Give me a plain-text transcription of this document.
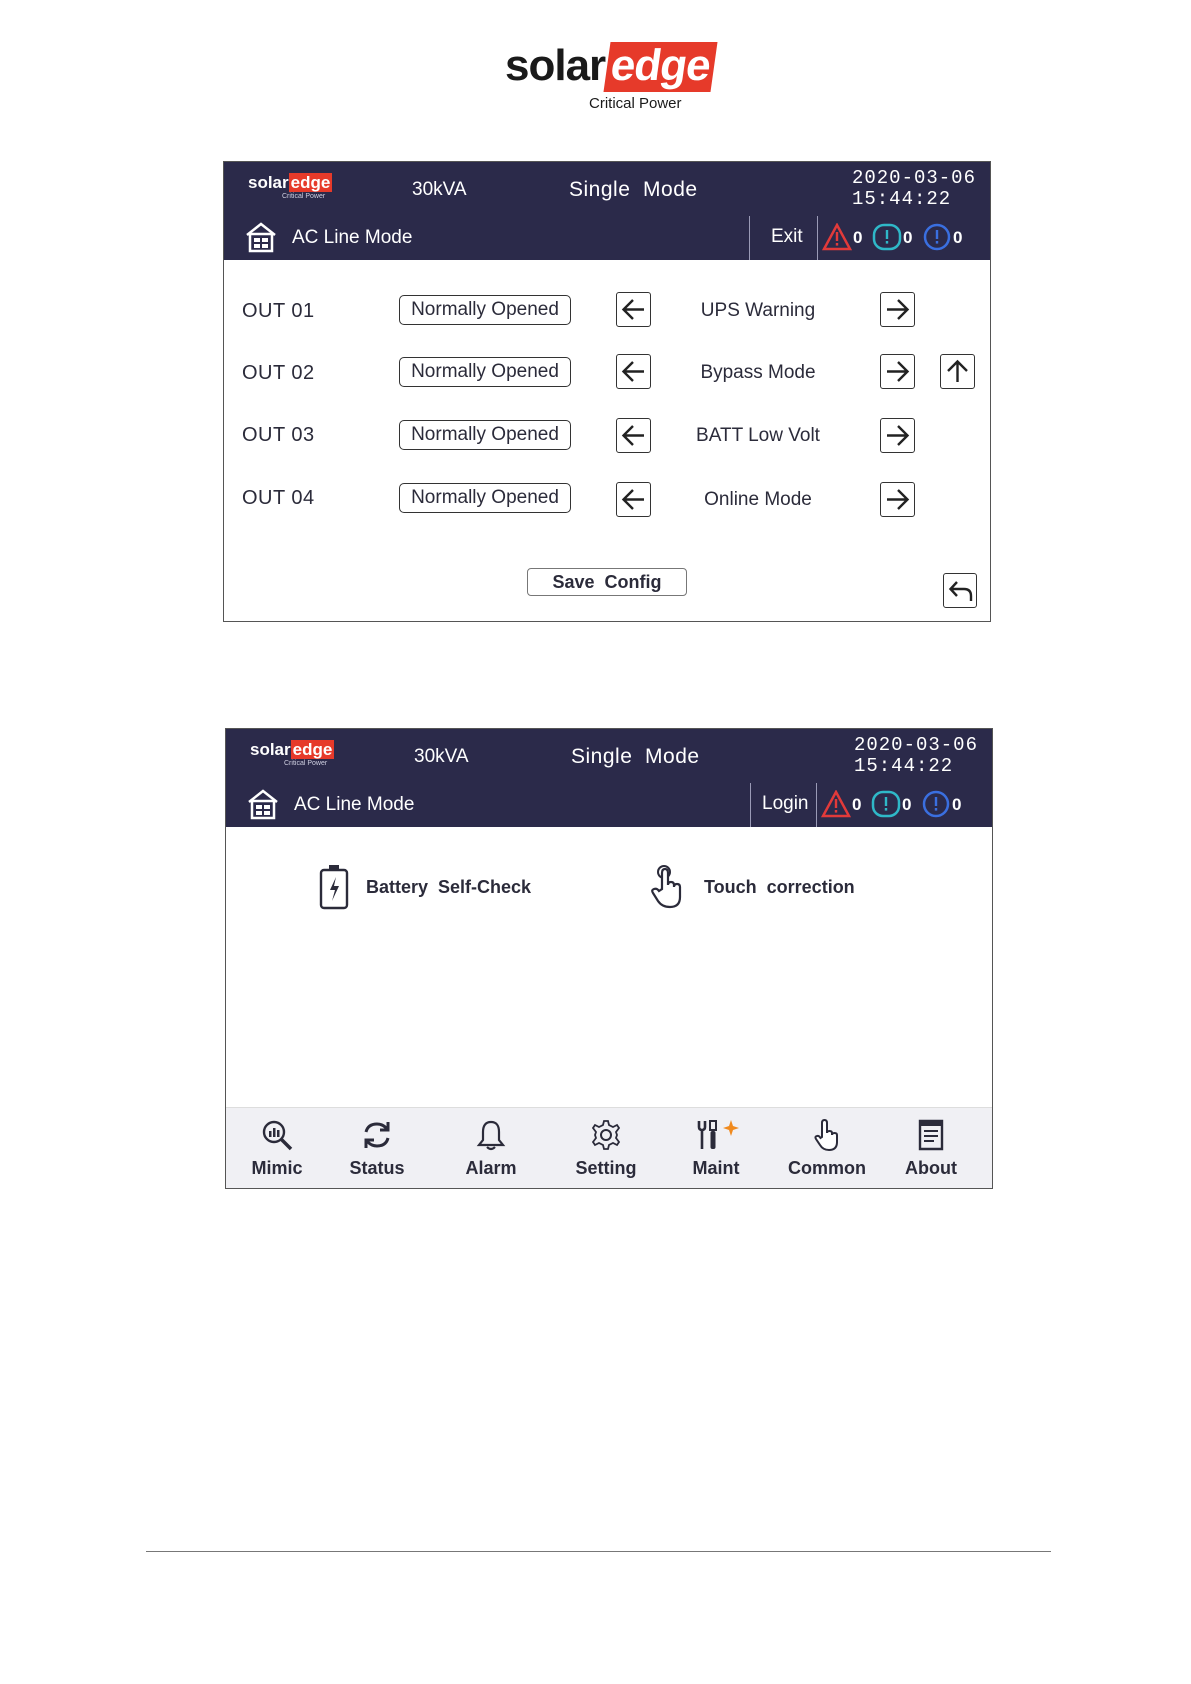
solaredge
Critical Power
solar edge
Critical Power	30kVA	Single  Mode	2020-03-06
15:44:22
AC Line Mode	Exit	0 0 0
OUT 01	Normally Opened	UPS Warning
OUT 02	Normally Opened	Bypass Mode
OUT 03	Normally Opened	BATT Low Volt
OUT 04	Normally Opened	Online Mode
Save  Config
solar edge
Critical Power	30kVA	Single  Mode	2020-03-06
15:44:22
AC Line Mode	Login	0 0 0
Battery  Self-Check	Touch  correction
Mimic	Status	Alarm	Setting	Maint	Common	About
